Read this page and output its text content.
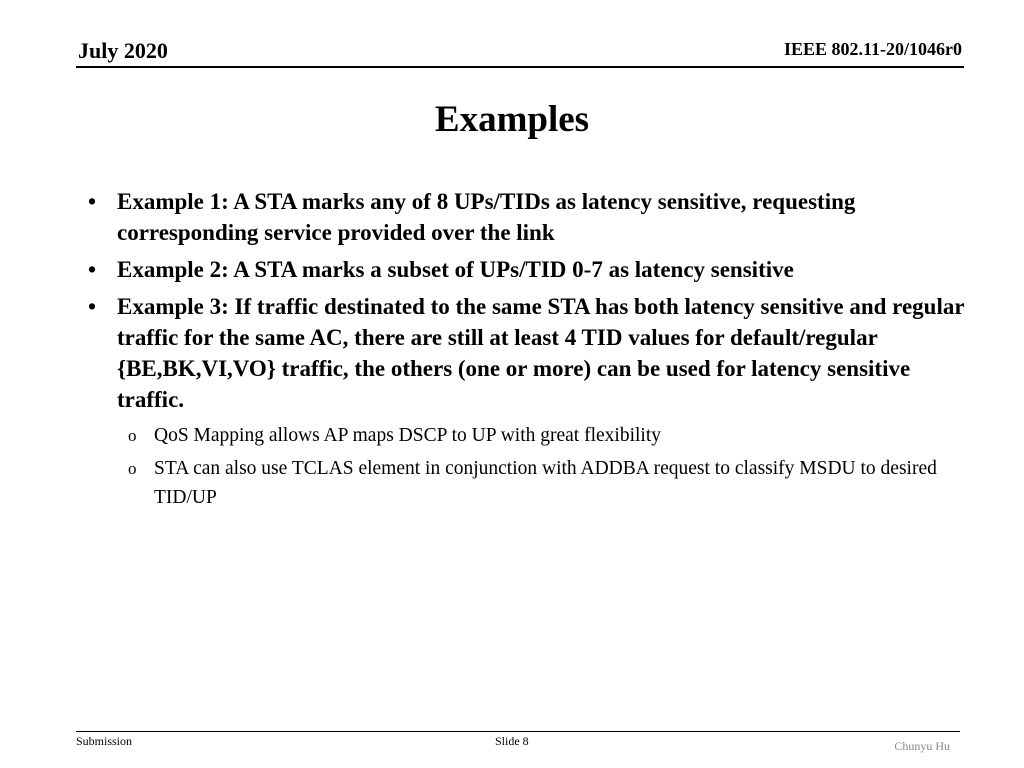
July 2020	IEEE 802.11-20/1046r0
Examples
• Example 1: A STA marks any of 8 UPs/TIDs as latency sensitive, requesting corresponding service provided over the link
• Example 2: A STA marks a subset of UPs/TID 0-7 as latency sensitive
• Example 3: If traffic destinated to the same STA has both latency sensitive and regular traffic for the same AC, there are still at least 4 TID values for default/regular {BE,BK,VI,VO} traffic, the others (one or more) can be used for latency sensitive traffic.
o QoS Mapping allows AP maps DSCP to UP with great flexibility
o STA can also use TCLAS element in conjunction with ADDBA request to classify MSDU to desired TID/UP
Submission	Slide 8	Chunyu Hu
